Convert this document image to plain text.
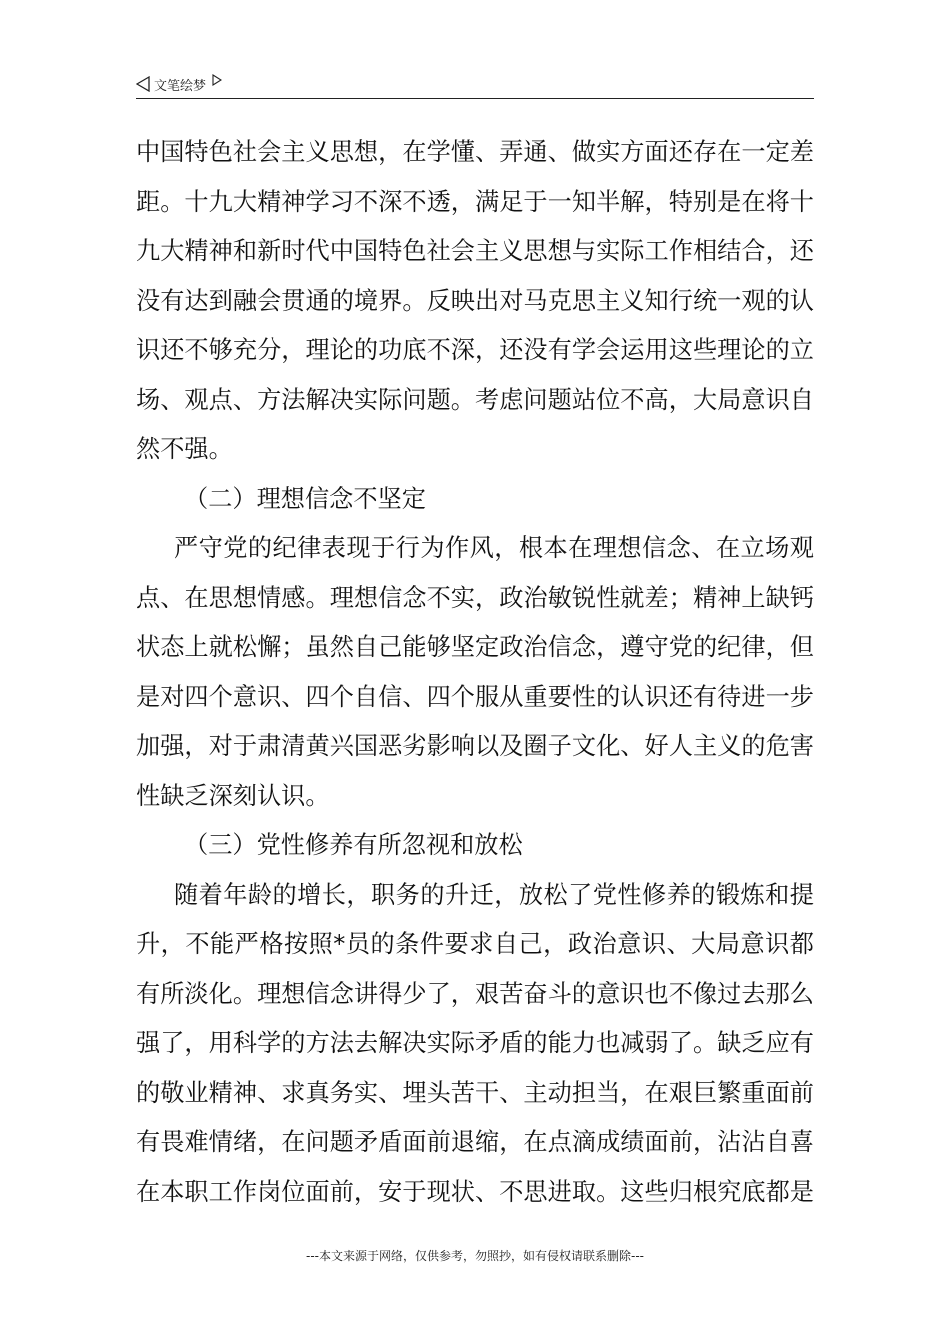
文笔绘梦
中国特色社会主义思想，在学懂、弄通、做实方面还存在一定差
距。十九大精神学习不深不透，满足于一知半解，特别是在将十
九大精神和新时代中国特色社会主义思想与实际工作相结合，还
没有达到融会贯通的境界。反映出对马克思主义知行统一观的认
识还不够充分，理论的功底不深，还没有学会运用这些理论的立
场、观点、方法解决实际问题。考虑问题站位不高，大局意识自
然不强。
（二）理想信念不坚定
严守党的纪律表现于行为作风，根本在理想信念、在立场观
点、在思想情感。理想信念不实，政治敏锐性就差；精神上缺钙
状态上就松懈；虽然自己能够坚定政治信念，遵守党的纪律，但
是对四个意识、四个自信、四个服从重要性的认识还有待进一步
加强，对于肃清黄兴国恶劣影响以及圈子文化、好人主义的危害
性缺乏深刻认识。
（三）党性修养有所忽视和放松
随着年龄的增长，职务的升迁，放松了党性修养的锻炼和提
升，不能严格按照*员的条件要求自己，政治意识、大局意识都
有所淡化。理想信念讲得少了，艰苦奋斗的意识也不像过去那么
强了，用科学的方法去解决实际矛盾的能力也减弱了。缺乏应有
的敬业精神、求真务实、埋头苦干、主动担当，在艰巨繁重面前
有畏难情绪，在问题矛盾面前退缩，在点滴成绩面前，沾沾自喜
在本职工作岗位面前，安于现状、不思进取。这些归根究底都是
---本文来源于网络，仅供参考，勿照抄，如有侵权请联系删除---
